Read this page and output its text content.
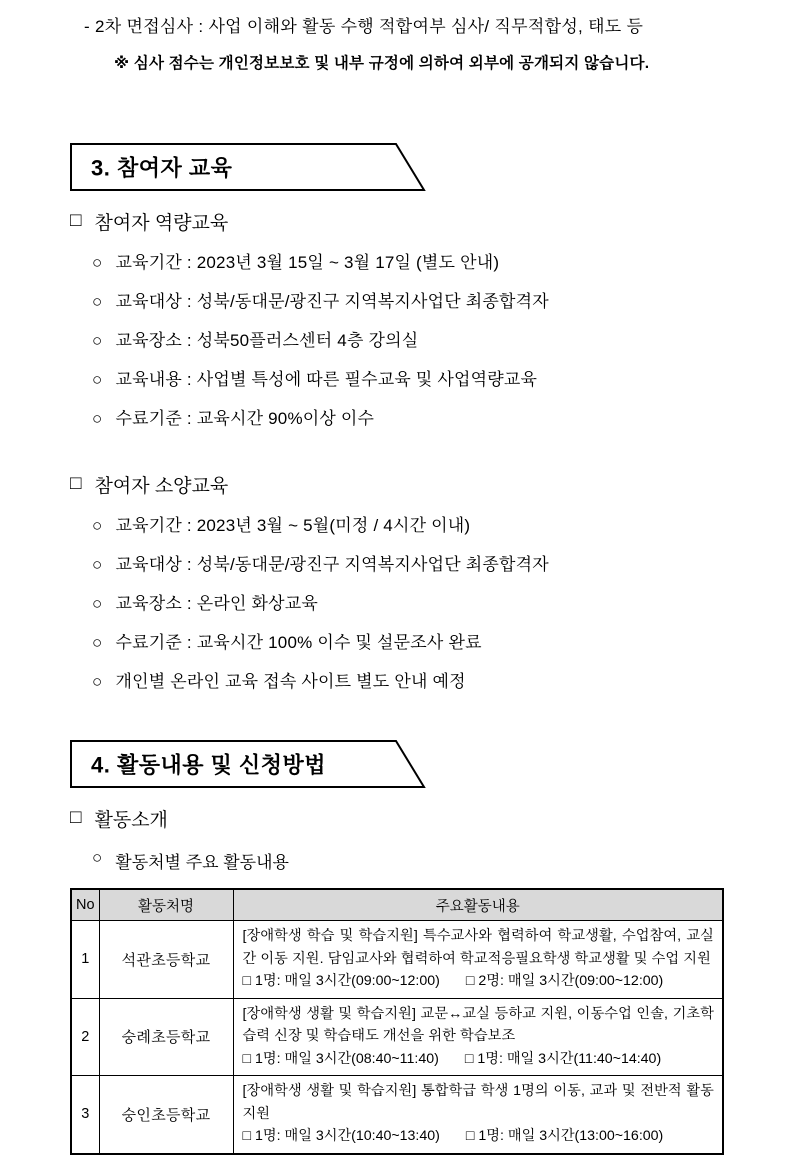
- 2차 면접심사 : 사업 이해와 활동 수행 적합여부 심사/ 직무적합성, 태도 등
※ 심사 점수는 개인정보보호 및 내부 규정에 의하여 외부에 공개되지 않습니다.
3. 참여자 교육
□ 참여자 역량교육
○ 교육기간 : 2023년 3월 15일 ~ 3월 17일 (별도 안내)
○ 교육대상 : 성북/동대문/광진구 지역복지사업단 최종합격자
○ 교육장소 : 성북50플러스센터 4층 강의실
○ 교육내용 : 사업별 특성에 따른 필수교육 및 사업역량교육
○ 수료기준 : 교육시간 90%이상 이수
□ 참여자 소양교육
○ 교육기간 : 2023년 3월 ~ 5월(미정 / 4시간 이내)
○ 교육대상 : 성북/동대문/광진구 지역복지사업단 최종합격자
○ 교육장소 : 온라인 화상교육
○ 수료기준 : 교육시간 100% 이수 및 설문조사 완료
○ 개인별 온라인 교육 접속 사이트 별도 안내 예정
4. 활동내용 및 신청방법
□ 활동소개
○ 활동처별 주요 활동내용
No	활동처명	주요활동내용
1	석관초등학교	[장애학생 학습 및 학습지원] 특수교사와 협력하여 학교생활, 수업참여, 교실 간 이동 지원. 담임교사와 협력하여 학교적응필요학생 학교생활 및 수업 지원
□ 1명: 매일 3시간(09:00~12:00) □ 2명: 매일 3시간(09:00~12:00)

2	숭례초등학교	[장애학생 생활 및 학습지원] 교문↔교실 등하교 지원, 이동수업 인솔, 기초학습력 신장 및 학습태도 개선을 위한 학습보조
□ 1명: 매일 3시간(08:40~11:40) □ 1명: 매일 3시간(11:40~14:40)

3	숭인초등학교	[장애학생 생활 및 학습지원] 통합학급 학생 1명의 이동, 교과 및 전반적 활동 지원
□ 1명: 매일 3시간(10:40~13:40) □ 1명: 매일 3시간(13:00~16:00)
